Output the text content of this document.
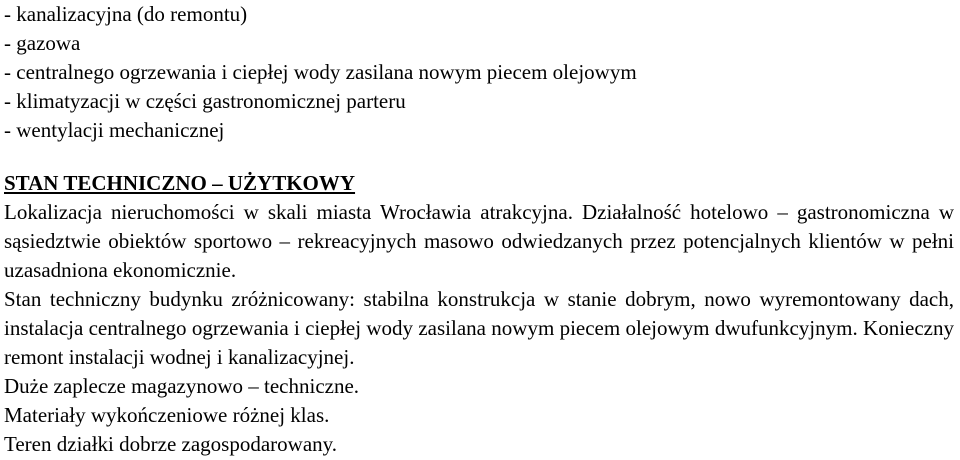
- kanalizacyjna (do remontu)
- gazowa
- centralnego ogrzewania i ciepłej wody zasilana nowym piecem olejowym
- klimatyzacji w części gastronomicznej parteru
- wentylacji mechanicznej
STAN TECHNICZNO – UŻYTKOWY

Lokalizacja nieruchomości w skali miasta Wrocławia atrakcyjna. Działalność hotelowo – gastronomiczna w sąsiedztwie obiektów sportowo – rekreacyjnych masowo odwiedzanych przez potencjalnych klientów w pełni uzasadniona ekonomicznie.

Stan techniczny budynku zróżnicowany: stabilna konstrukcja w stanie dobrym, nowo wyremontowany dach, instalacja centralnego ogrzewania i ciepłej wody zasilana nowym piecem olejowym dwufunkcyjnym. Konieczny remont instalacji wodnej i kanalizacyjnej.

Duże zaplecze magazynowo – techniczne.

Materiały wykończeniowe różnej klas.

Teren działki dobrze zagospodarowany.
